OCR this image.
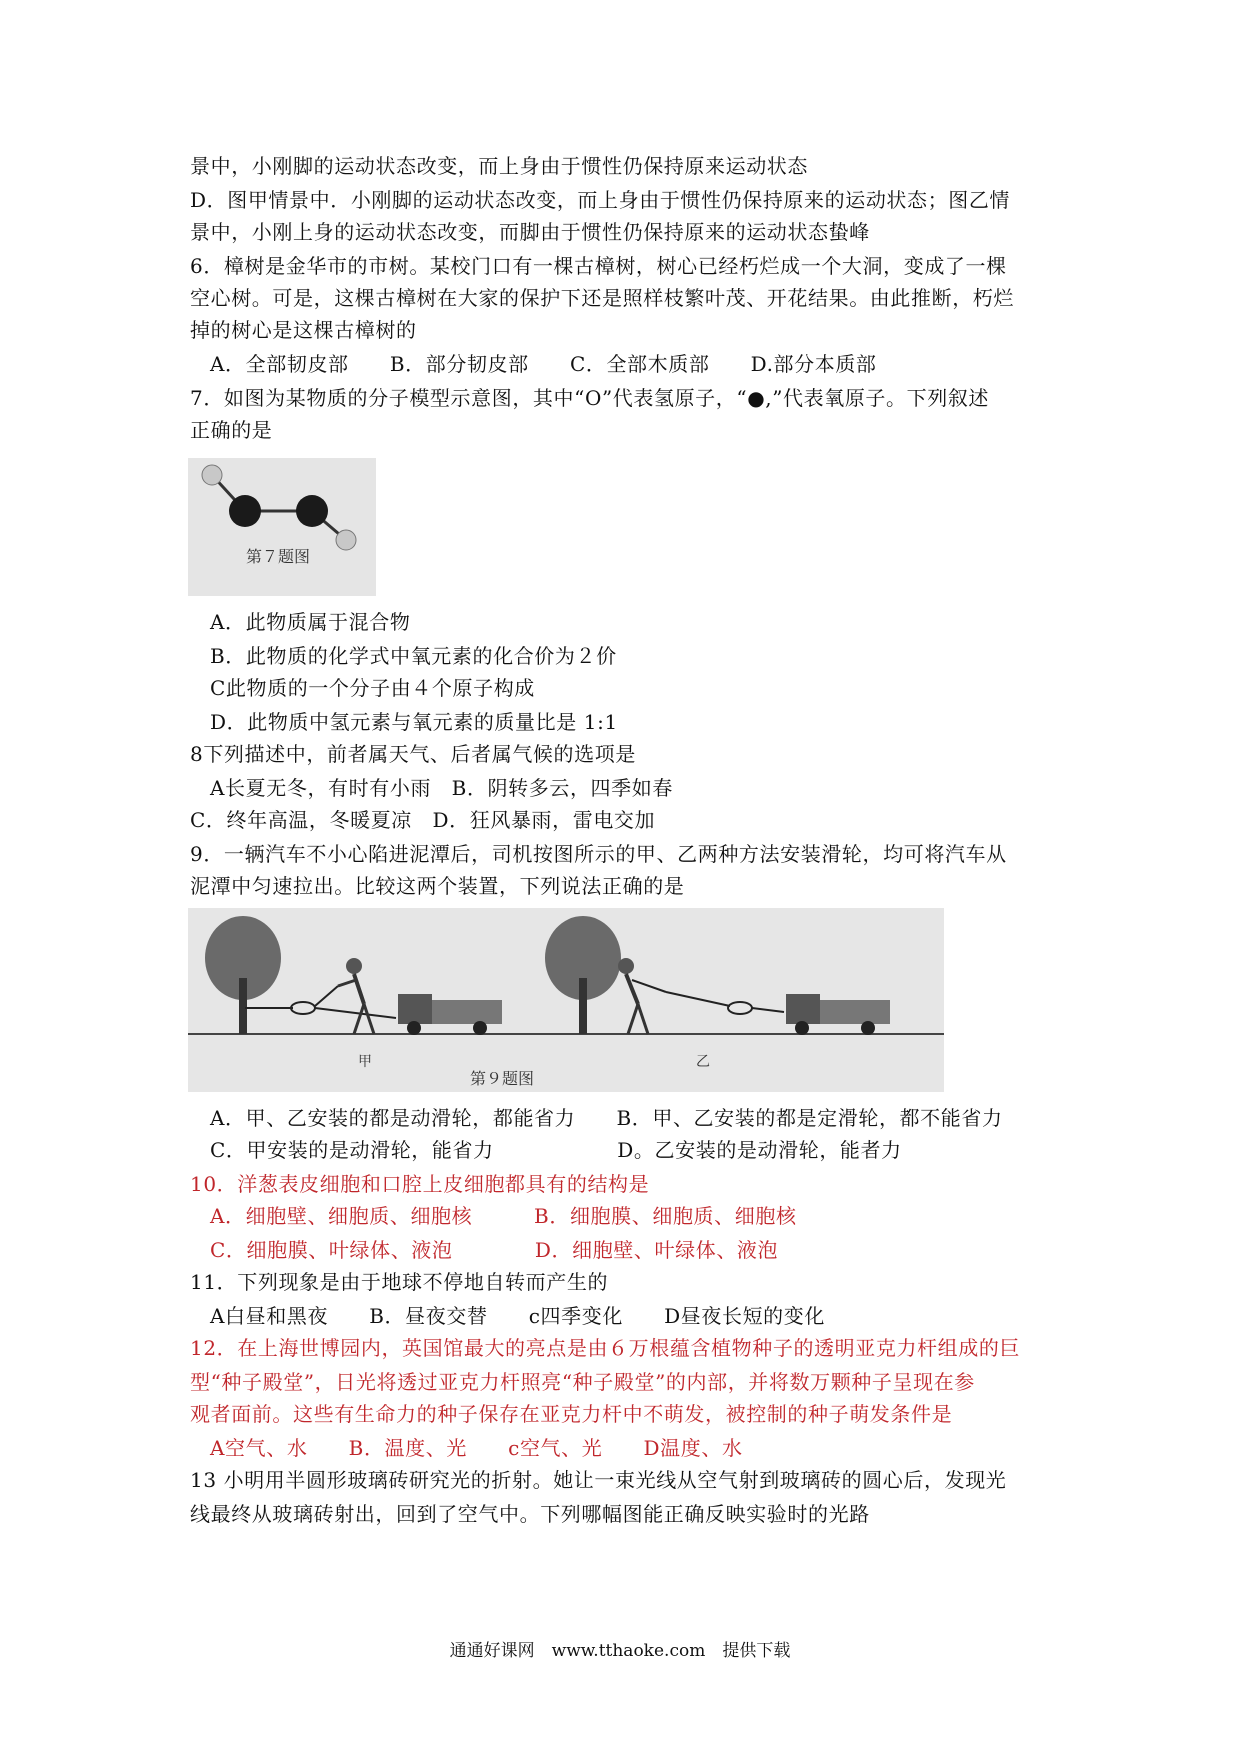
景中，小刚脚的运动状态改变，而上身由于惯性仍保持原来运动状态
D．图甲情景中．小刚脚的运动状态改变，而上身由于惯性仍保持原来的运动状态；图乙情
景中，小刚上身的运动状态改变，而脚由于惯性仍保持原来的运动状态蛰峰
6．樟树是金华市的市树。某校门口有一棵古樟树，树心已经朽烂成一个大洞，变成了一棵
空心树。可是，这棵古樟树在大家的保护下还是照样枝繁叶茂、开花结果。由此推断，朽烂
掉的树心是这棵古樟树的
A．全部韧皮部　　B．部分韧皮部　　C．全部木质部　　D.部分本质部
7．如图为某物质的分子模型示意图，其中“O”代表氢原子，“●,”代表氧原子。下列叙述
正确的是
第７题图
A．此物质属于混合物
B．此物质的化学式中氧元素的化合价为２价
C此物质的一个分子由４个原子构成
D．此物质中氢元素与氧元素的质量比是 1:1
8下列描述中，前者属天气、后者属气候的选项是
A长夏无冬，有时有小雨　B．阴转多云，四季如春
C．终年高温，冬暖夏凉　D．狂风暴雨，雷电交加
9．一辆汽车不小心陷进泥潭后，司机按图所示的甲、乙两种方法安装滑轮，均可将汽车从
泥潭中匀速拉出。比较这两个装置，下列说法正确的是
甲	乙
第９题图
A．甲、乙安装的都是动滑轮，都能省力　　B．甲、乙安装的都是定滑轮，都不能省力
C．甲安装的是动滑轮，能省力　　　　　　D。乙安装的是动滑轮，能者力
10．洋葱表皮细胞和口腔上皮细胞都具有的结构是
A．细胞壁、细胞质、细胞核　　　B．细胞膜、细胞质、细胞核
C．细胞膜、叶绿体、液泡　　　　D．细胞壁、叶绿体、液泡
11．下列现象是由于地球不停地自转而产生的
A白昼和黑夜　　B．昼夜交替　　c四季变化　　D昼夜长短的变化
12．在上海世博园内，英国馆最大的亮点是由６万根蕴含植物种子的透明亚克力杆组成的巨
型“种子殿堂”，日光将透过亚克力杆照亮“种子殿堂”的内部，并将数万颗种子呈现在参
观者面前。这些有生命力的种子保存在亚克力杆中不萌发，被控制的种子萌发条件是
A空气、水　　B．温度、光　　c空气、光　　D温度、水
13 小明用半圆形玻璃砖研究光的折射。她让一束光线从空气射到玻璃砖的圆心后，发现光
线最终从玻璃砖射出，回到了空气中。下列哪幅图能正确反映实验时的光路
通通好课网　www.tthaoke.com　提供下载
